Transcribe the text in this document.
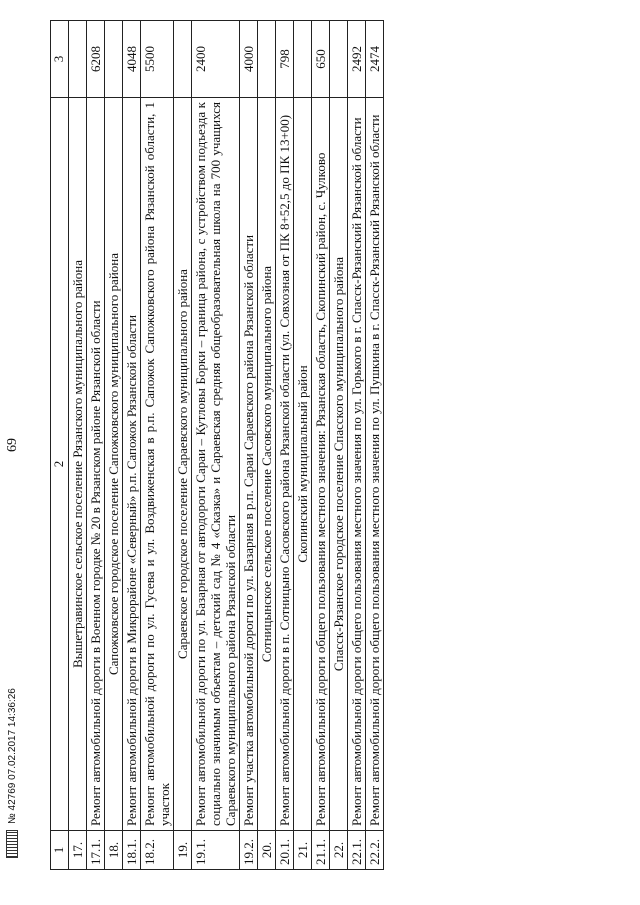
69
1	2	3
17.	Вышетравинское сельское поселение Рязанского муниципального района	
17.1.	Ремонт автомобильной дороги в Военном городке № 20 в Рязанском районе Рязанской области	6208
18.	Сапожковское городское поселение Сапожковского муниципального района	
18.1.	Ремонт автомобильной дороги в Микрорайоне «Северный» р.п. Сапожок Рязанской области	4048
18.2.	Ремонт автомобильной дороги по ул. Гусева и ул. Воздвиженская в р.п. Сапожок Сапожковского района Рязанской области, 1 участок	5500
19.	Сараевское городское поселение Сараевского муниципального района	
19.1.	Ремонт автомобильной дороги по ул. Базарная от автодороги Сараи – Кутловы Борки – граница района, с устройством подъезда к социально значимым объектам – детский сад № 4 «Сказка» и Сараевская средняя общеобразовательная школа на 700 учащихся Сараевского муниципального района Рязанской области	2400
19.2.	Ремонт участка автомобильной дороги по ул. Базарная в р.п. Сараи Сараевского района Рязанской области	4000
20.	Сотницынское сельское поселение Сасовского муниципального района	
20.1.	Ремонт автомобильной дороги в п. Сотницыно Сасовского района Рязанской области (ул. Совхозная от ПК 8+52,5 до ПК 13+00)	798
21.	Скопинский муниципальный район	
21.1.	Ремонт автомобильной дороги общего пользования местного значения: Рязанская область, Скопинский район, с. Чулково	650
22.	Спасск-Рязанское городское поселение Спасского муниципального района	
22.1.	Ремонт автомобильной дороги общего пользования местного значения по ул. Горького в г. Спасск-Рязанский Рязанской области	2492
22.2.	Ремонт автомобильной дороги общего пользования местного значения по ул. Пушкина в г. Спасск-Рязанский Рязанской области	2474
№ 42769 07.02.2017 14:36:26
